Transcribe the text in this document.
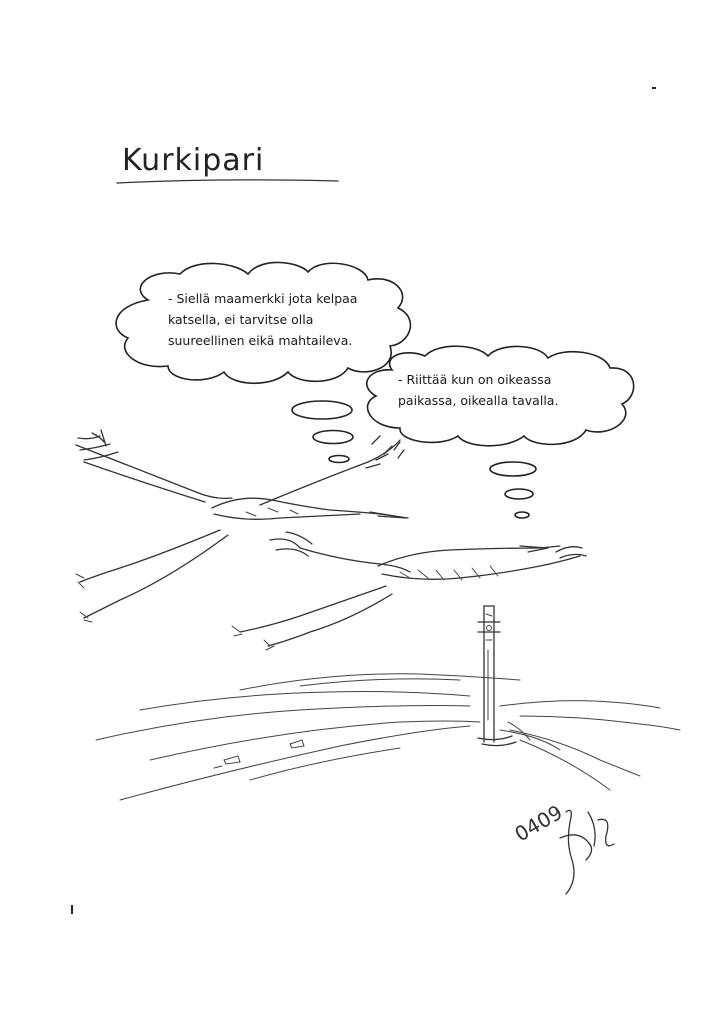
Kurkipari
0409
- Siellä maamerkki jota kelpaa
katsella, ei tarvitse olla
suureellinen eikä mahtaileva.
- Riittää kun on oikeassa
paikassa, oikealla tavalla.
